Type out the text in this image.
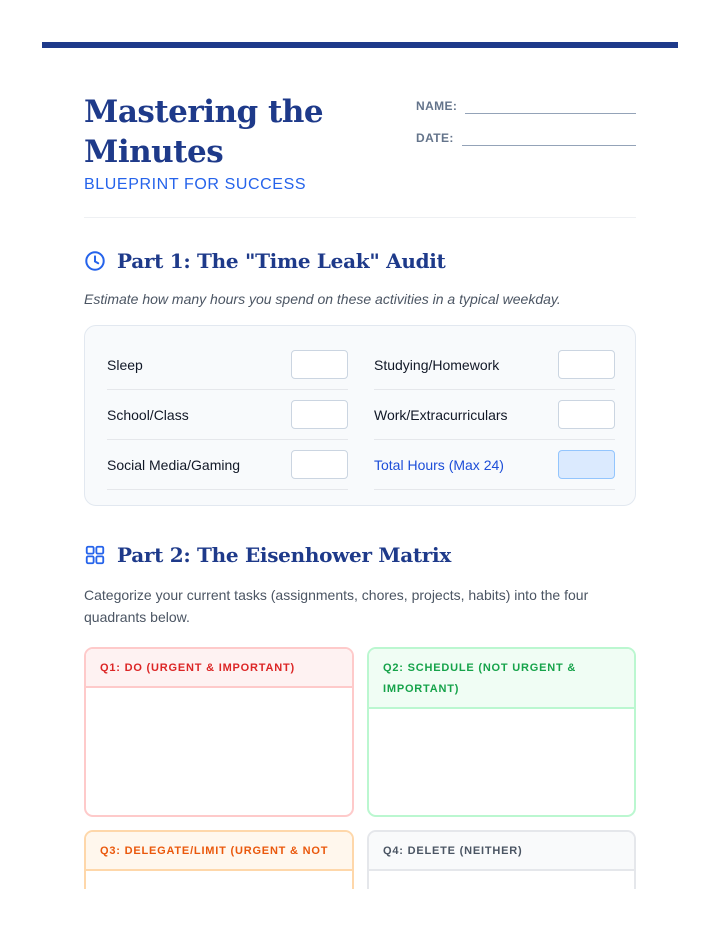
Mastering the Minutes
BLUEPRINT FOR SUCCESS
NAME:
DATE:
Part 1: The "Time Leak" Audit
Estimate how many hours you spend on these activities in a typical weekday.
Sleep	Studying/Homework
School/Class	Work/Extracurriculars
Social Media/Gaming	Total Hours (Max 24)
Part 2: The Eisenhower Matrix
Categorize your current tasks (assignments, chores, projects, habits) into the four quadrants below.
Q1: DO (URGENT & IMPORTANT)	Q2: SCHEDULE (NOT URGENT & IMPORTANT)
Q3: DELEGATE/LIMIT (URGENT & NOT	Q4: DELETE (NEITHER)
